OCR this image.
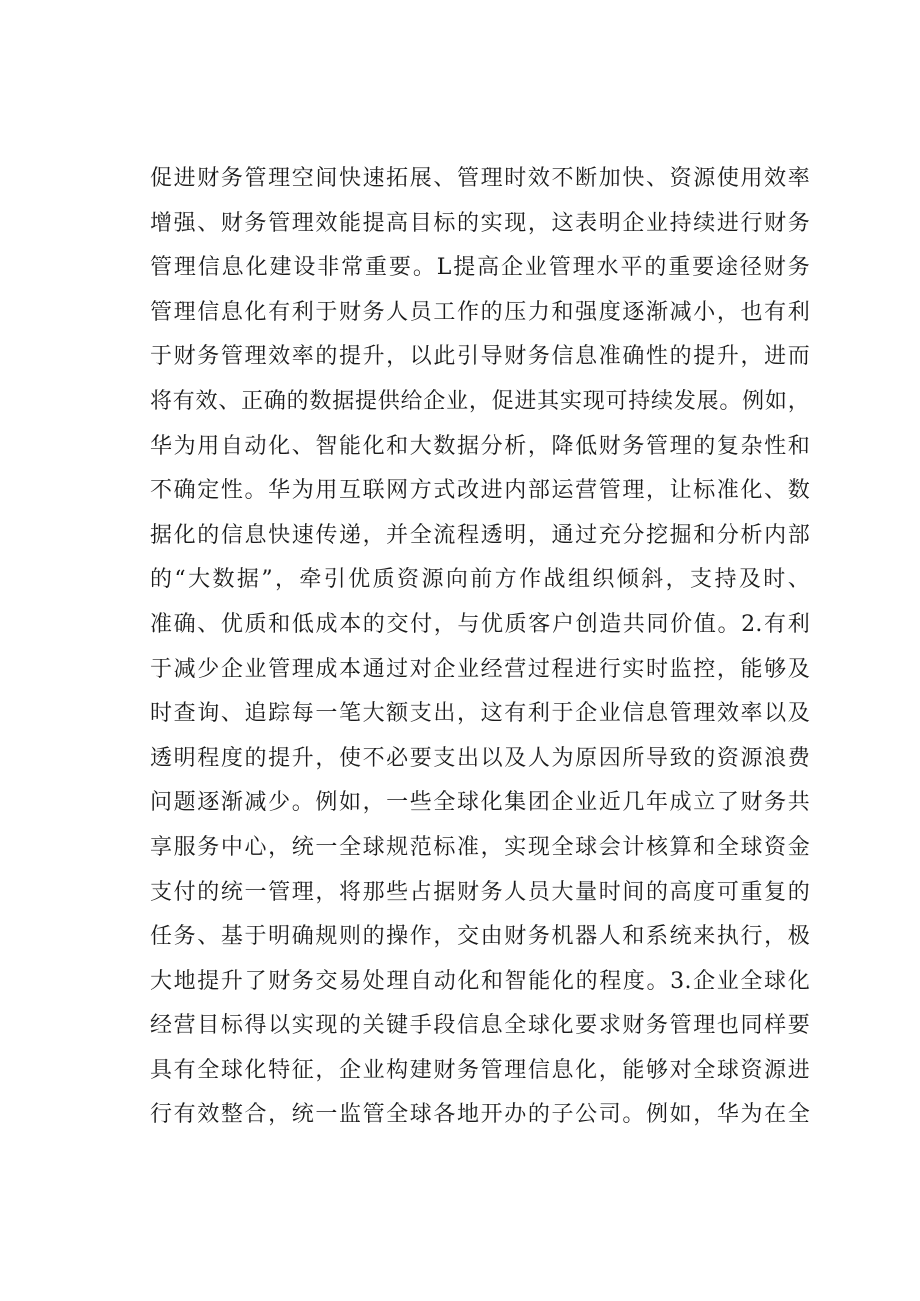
促进财务管理空间快速拓展、管理时效不断加快、资源使用效率
增强、财务管理效能提高目标的实现，这表明企业持续进行财务
管理信息化建设非常重要。L提高企业管理水平的重要途径财务
管理信息化有利于财务人员工作的压力和强度逐渐减小，也有利
于财务管理效率的提升，以此引导财务信息准确性的提升，进而
将有效、正确的数据提供给企业，促进其实现可持续发展。例如，
华为用自动化、智能化和大数据分析，降低财务管理的复杂性和
不确定性。华为用互联网方式改进内部运营管理，让标准化、数
据化的信息快速传递，并全流程透明，通过充分挖掘和分析内部
的“大数据”，牵引优质资源向前方作战组织倾斜，支持及时、
准确、优质和低成本的交付，与优质客户创造共同价值。2.有利
于减少企业管理成本通过对企业经营过程进行实时监控，能够及
时查询、追踪每一笔大额支出，这有利于企业信息管理效率以及
透明程度的提升，使不必要支出以及人为原因所导致的资源浪费
问题逐渐减少。例如，一些全球化集团企业近几年成立了财务共
享服务中心，统一全球规范标准，实现全球会计核算和全球资金
支付的统一管理，将那些占据财务人员大量时间的高度可重复的
任务、基于明确规则的操作，交由财务机器人和系统来执行，极
大地提升了财务交易处理自动化和智能化的程度。3.企业全球化
经营目标得以实现的关键手段信息全球化要求财务管理也同样要
具有全球化特征，企业构建财务管理信息化，能够对全球资源进
行有效整合，统一监管全球各地开办的子公司。例如，华为在全
